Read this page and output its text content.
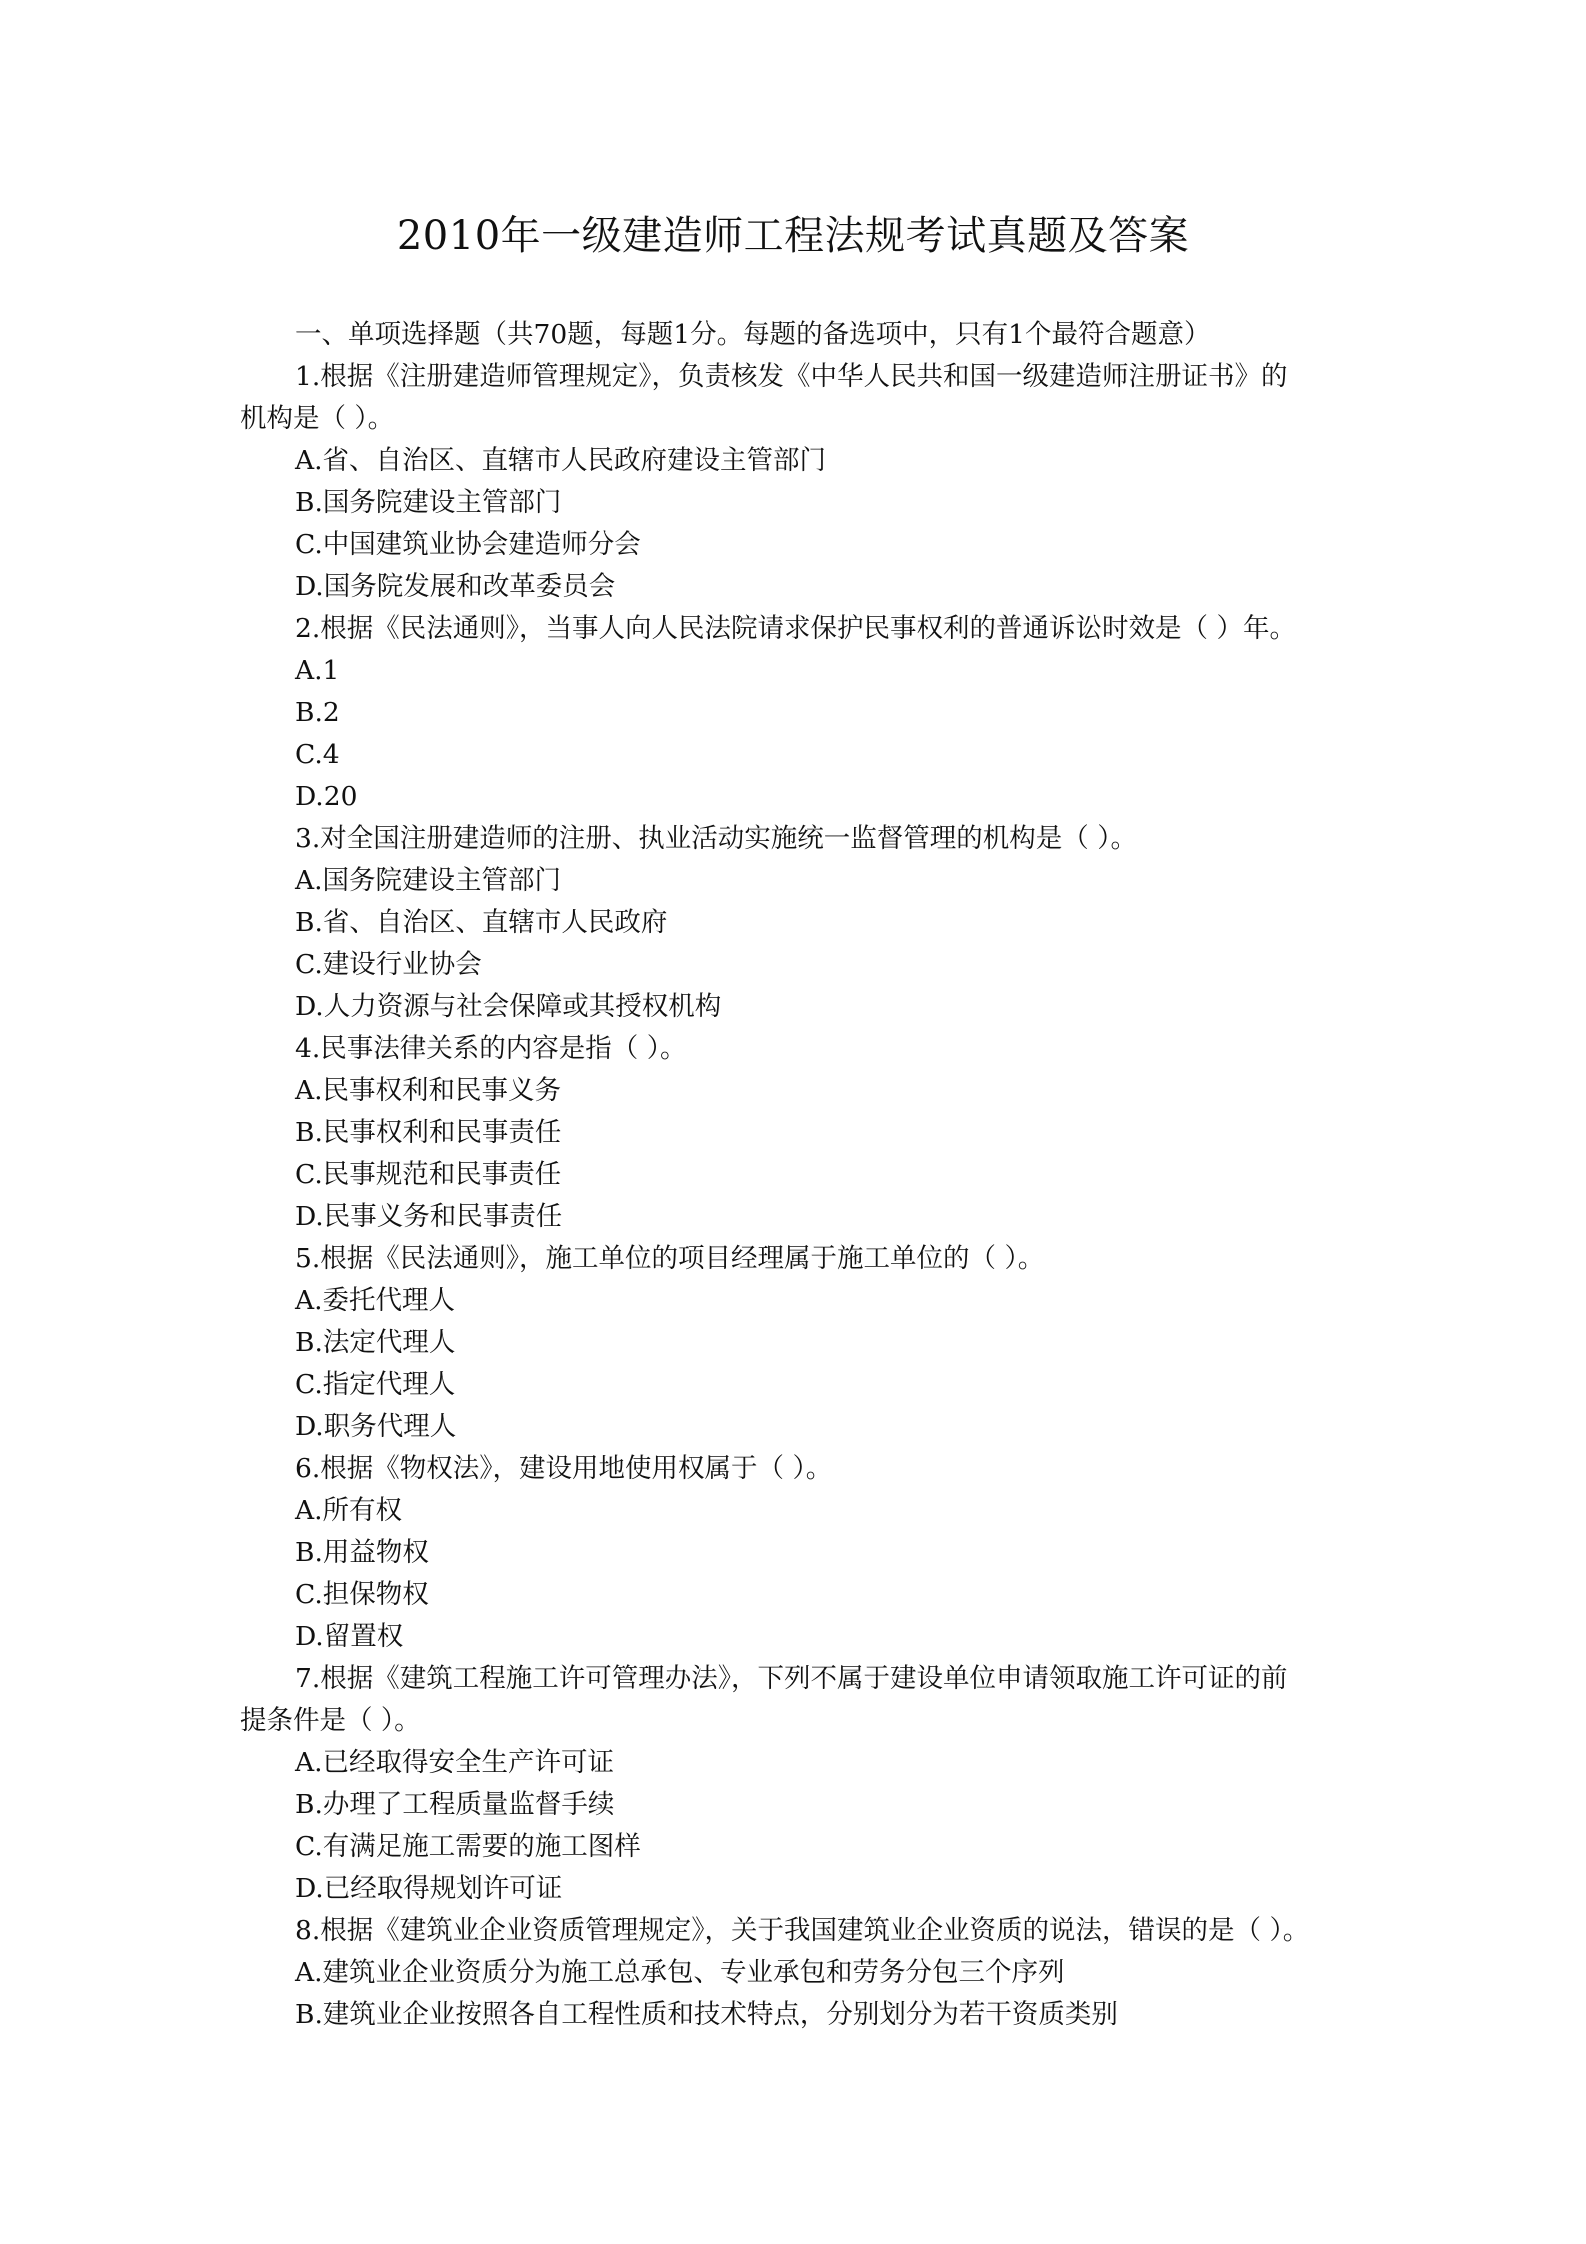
2010年一级建造师工程法规考试真题及答案
一、单项选择题（共70题，每题1分。每题的备选项中，只有1个最符合题意）
1.根据《注册建造师管理规定》，负责核发《中华人民共和国一级建造师注册证书》的
机构是（ ）。
A.省、自治区、直辖市人民政府建设主管部门
B.国务院建设主管部门
C.中国建筑业协会建造师分会
D.国务院发展和改革委员会
2.根据《民法通则》，当事人向人民法院请求保护民事权利的普通诉讼时效是（ ）年。
A.1
B.2
C.4
D.20
3.对全国注册建造师的注册、执业活动实施统一监督管理的机构是（ ）。
A.国务院建设主管部门
B.省、自治区、直辖市人民政府
C.建设行业协会
D.人力资源与社会保障或其授权机构
4.民事法律关系的内容是指（ ）。
A.民事权利和民事义务
B.民事权利和民事责任
C.民事规范和民事责任
D.民事义务和民事责任
5.根据《民法通则》，施工单位的项目经理属于施工单位的（ ）。
A.委托代理人
B.法定代理人
C.指定代理人
D.职务代理人
6.根据《物权法》，建设用地使用权属于（ ）。
A.所有权
B.用益物权
C.担保物权
D.留置权
7.根据《建筑工程施工许可管理办法》，下列不属于建设单位申请领取施工许可证的前
提条件是（ ）。
A.已经取得安全生产许可证
B.办理了工程质量监督手续
C.有满足施工需要的施工图样
D.已经取得规划许可证
8.根据《建筑业企业资质管理规定》，关于我国建筑业企业资质的说法，错误的是（ ）。
A.建筑业企业资质分为施工总承包、专业承包和劳务分包三个序列
B.建筑业企业按照各自工程性质和技术特点，分别划分为若干资质类别
